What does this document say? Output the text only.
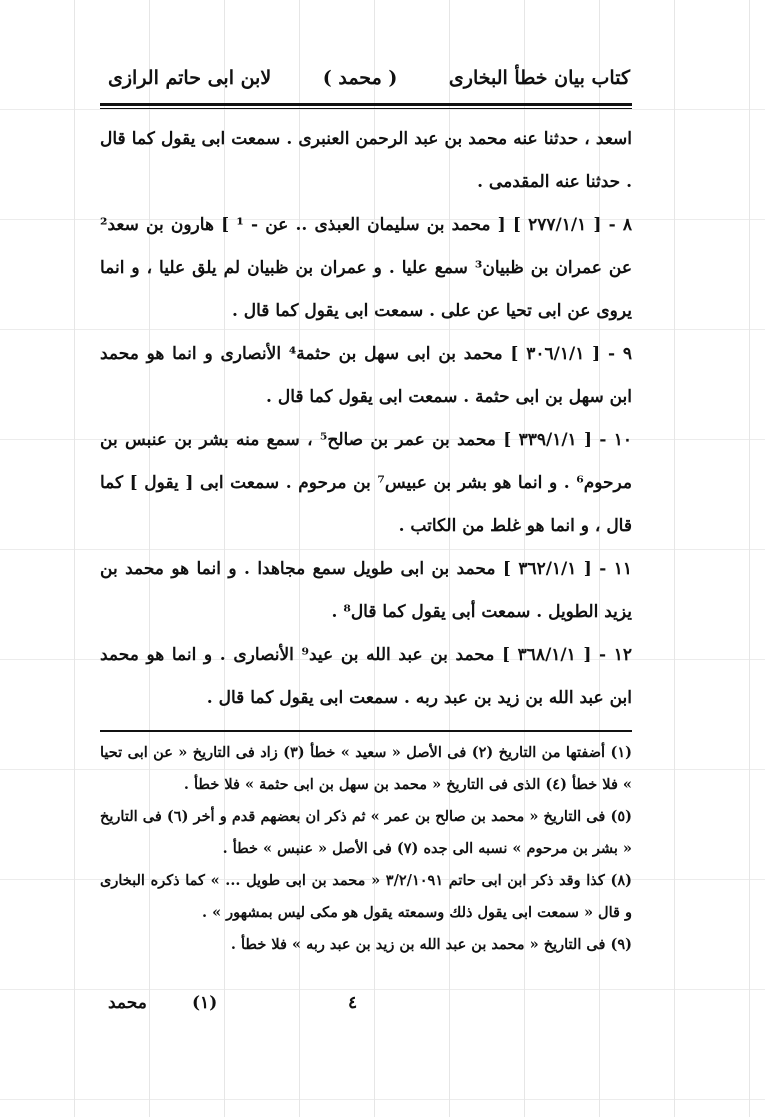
كتاب بيان خطأ البخارى
( محمد )
لابن ابى حاتم الرازى

اسعد ، حدثنا عنه محمد بن عبد الرحمن العنبرى . سمعت ابى يقول كما قال . حدثنا عنه المقدمى .

٨ - [ ٢٧٧/١/١ ] [ محمد بن سليمان العبذى .. عن - ¹ ] هارون بن سعد² عن عمران بن ظبيان³ سمع عليا . و عمران بن ظبيان لم يلق عليا ، و انما يروى عن ابى تحيا عن على . سمعت ابى يقول كما قال .

٩ - [ ٣٠٦/١/١ ] محمد بن ابى سهل بن حثمة⁴ الأنصارى و انما هو محمد ابن سهل بن ابى حثمة . سمعت ابى يقول كما قال .

١٠ - [ ٣٣٩/١/١ ] محمد بن عمر بن صالح⁵ ، سمع منه بشر بن عنبس بن مرحوم⁶ . و انما هو بشر بن عبيس⁷ بن مرحوم . سمعت ابى [ يقول ] كما قال ، و انما هو غلط من الكاتب .

١١ - [ ٣٦٢/١/١ ] محمد بن ابى طويل سمع مجاهدا . و انما هو محمد بن يزيد الطويل . سمعت أبى يقول كما قال⁸ .

١٢ - [ ٣٦٨/١/١ ] محمد بن عبد الله بن عيد⁹ الأنصارى . و انما هو محمد ابن عبد الله بن زيد بن عبد ربه . سمعت ابى يقول كما قال .

(١) أضفتها من التاريخ (٢) فى الأصل « سعيد » خطأ (٣) زاد فى التاريخ « عن ابى تحيا » فلا خطأ (٤) الذى فى التاريخ « محمد بن سهل بن ابى حثمة » فلا خطأ .

(٥) فى التاريخ « محمد بن صالح بن عمر » ثم ذكر ان بعضهم قدم و أخر (٦) فى التاريخ « بشر بن مرحوم » نسبه الى جده (٧) فى الأصل « عنبس » خطأ .

(٨) كذا وقد ذكر ابن ابى حاتم ٣/٢/١٠٩١ « محمد بن ابى طويل ... » كما ذكره البخارى و قال « سمعت ابى يقول ذلك وسمعته يقول هو مكى ليس بمشهور » .

(٩) فى التاريخ « محمد بن عبد الله بن زيد بن عبد ربه » فلا خطأ .

محمد	(١)	٤
